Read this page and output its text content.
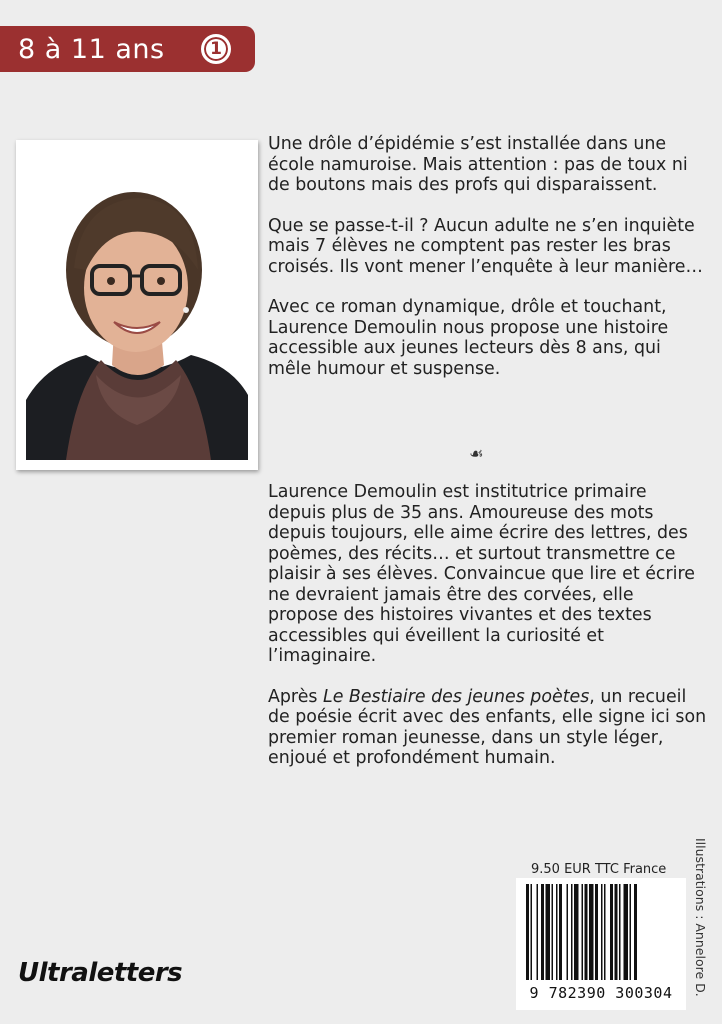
8 à 11 ans	1

Une drôle d’épidémie s’est installée dans une école namuroise. Mais attention : pas de toux ni de boutons mais des profs qui disparaissent.

Que se passe-t-il ? Aucun adulte ne s’en inquiète mais 7 élèves ne comptent pas rester les bras croisés. Ils vont mener l’enquête à leur manière…

Avec ce roman dynamique, drôle et touchant, Laurence Demoulin nous propose une histoire accessible aux jeunes lecteurs dès 8 ans, qui mêle humour et suspense.

☙

Laurence Demoulin est institutrice primaire depuis plus de 35 ans. Amoureuse des mots depuis toujours, elle aime écrire des lettres, des poèmes, des récits… et surtout transmettre ce plaisir à ses élèves. Convaincue que lire et écrire ne devraient jamais être des corvées, elle propose des histoires vivantes et des textes accessibles qui éveillent la curiosité et l’imaginaire.

Après Le Bestiaire des jeunes poètes, un recueil de poésie écrit avec des enfants, elle signe ici son premier roman jeunesse, dans un style léger, enjoué et profondément humain.

9.50 EUR TTC France
9 782390 300304	Illustrations : Annelore D.
Ultraletters
